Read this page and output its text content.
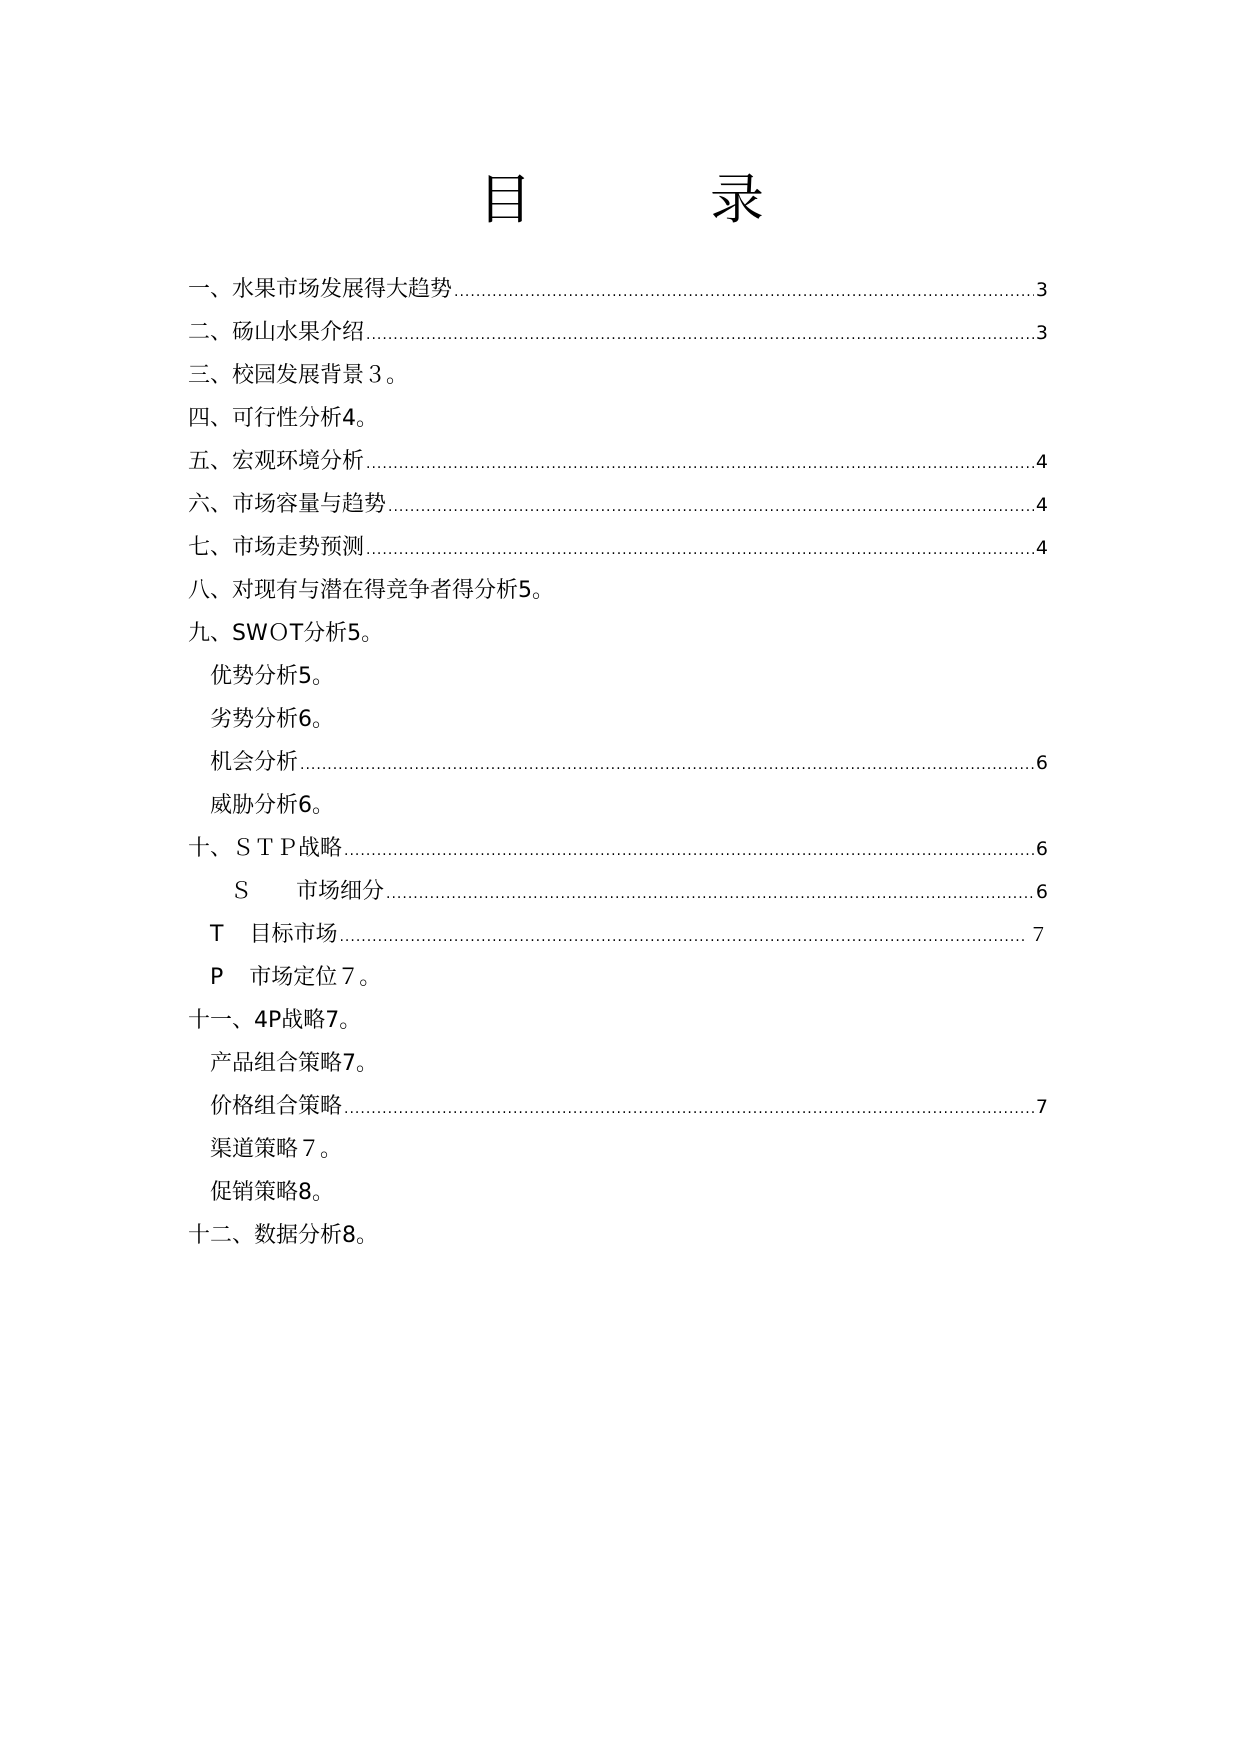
目	录
一、水果市场发展得大趋势 .....	3
二、砀山水果介绍 .....	3
三、校园发展背景３。
四、可行性分析4。
五、宏观环境分析 .....	4
六、市场容量与趋势 .....	4
七、市场走势预测 .....	4
八、对现有与潜在得竞争者得分析5。
九、SWＯT分析5。
优势分析5。
劣势分析6。
机会分析 .....	6
威胁分析6。
十、ＳＴＰ战略 .....	6
Ｓ 市场细分 .....	6
T 目标市场 .....	７
P 市场定位７。
十一、4P战略7。
产品组合策略7。
价格组合策略 .....	7
渠道策略７。
促销策略8。
十二、数据分析8。
